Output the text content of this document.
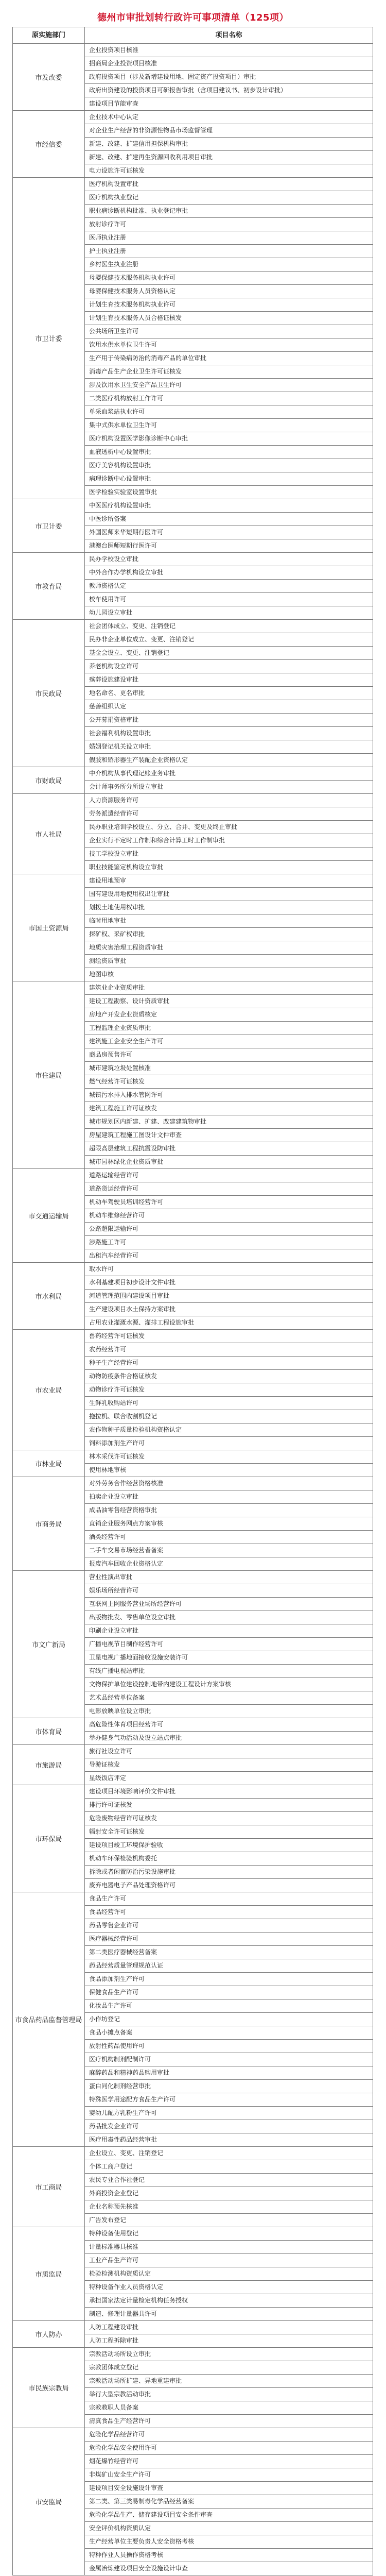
德州市审批划转行政许可事项清单（125项）
原实施部门	项目名称
市发改委	企业投资项目核准
	招商局企业投资项目核准
	政府投资项目（涉及新增建设用地、固定资产投资项目）审批
	政府出资建设的投资项目可研报告审批（含项目建议书、初步设计审批）
	建设项目节能审查
市经信委	企业技术中心认定
	对企业生产经营的非资源性物品市场监督管理
	新建、改建、扩建信用担保机构审批
	新建、改建、扩建再生资源回收利用项目审批
	电力设施许可证核发
市卫计委	医疗机构设置审批
	医疗机构执业登记
	职业病诊断机构批准、执业登记审批
	放射诊疗许可
	医师执业注册
	护士执业注册
	乡村医生执业注册
	母婴保健技术服务机构执业许可
	母婴保健技术服务人员资格认定
	计划生育技术服务机构执业许可
	计划生育技术服务人员合格证核发
	公共场所卫生许可
	饮用水供水单位卫生许可
	生产用于传染病防治的消毒产品的单位审批
	消毒产品生产企业卫生许可证核发
	涉及饮用水卫生安全产品卫生许可
	二类医疗机构放射工作许可
	单采血浆站执业许可
	集中式供水单位卫生许可
	医疗机构设置医学影像诊断中心审批
	血液透析中心设置审批
	医疗美容机构设置审批
	病理诊断中心设置审批
	医学检验实验室设置审批
市卫计委	中医医疗机构设置审批
	中医诊所备案
	外国医师来华短期行医许可
	港澳台医师短期行医许可
市教育局	民办学校设立审批
	中外合作办学机构设立审批
	教师资格认定
	校车使用许可
	幼儿园设立审批
市民政局	社会团体成立、变更、注销登记
	民办非企业单位成立、变更、注销登记
	基金会设立、变更、注销登记
	养老机构设立许可
	殡葬设施建设审批
	地名命名、更名审批
	慈善组织认定
	公开募捐资格审批
	社会福利机构设置审批
	婚姻登记机关设立审批
	假肢和矫形器生产装配企业资格认定
市财政局	中介机构从事代理记账业务审批
	会计师事务所分所设立审批
市人社局	人力资源服务许可
	劳务派遣经营许可
	民办职业培训学校设立、分立、合并、变更及终止审批
	企业实行不定时工作制和综合计算工时工作制审批
	技工学校设立审批
	职业技能鉴定机构设立审批
市国土资源局	建设用地预审
	国有建设用地使用权出让审批
	划拨土地使用权审批
	临时用地审批
	探矿权、采矿权审批
	地质灾害治理工程资质审批
	测绘资质审批
	地图审核
市住建局	建筑业企业资质审批
	建设工程勘察、设计资质审批
	房地产开发企业资质核定
	工程监理企业资质审批
	建筑施工企业安全生产许可
	商品房预售许可
	城市建筑垃圾处置核准
	燃气经营许可证核发
	城镇污水排入排水管网许可
	建筑工程施工许可证核发
	城市规划区内新建、扩建、改建建筑物审批
	房屋建筑工程施工图设计文件审查
	超限高层建筑工程抗震设防审批
	城市园林绿化企业资质审批
市交通运输局	道路运输经营许可
	道路货运经营许可
	机动车驾驶员培训经营许可
	机动车维修经营许可
	公路超限运输许可
	涉路施工许可
	出租汽车经营许可
市水利局	取水许可
	水利基建项目初步设计文件审批
	河道管理范围内建设项目审批
	生产建设项目水土保持方案审批
	占用农业灌溉水源、灌排工程设施审批
市农业局	兽药经营许可证核发
	农药经营许可
	种子生产经营许可
	动物防疫条件合格证核发
	动物诊疗许可证核发
	生鲜乳收购站许可
	拖拉机、联合收割机登记
	农作物种子质量检验机构资格认定
	饲料添加剂生产许可
市林业局	林木采伐许可证核发
	使用林地审核
市商务局	对外劳务合作经营资格核准
	拍卖企业设立审批
	成品油零售经营资格审批
	直销企业服务网点方案审核
	酒类经营许可
	二手车交易市场经营者备案
	报废汽车回收企业资格认定
市文广新局	营业性演出审批
	娱乐场所经营许可
	互联网上网服务营业场所经营许可
	出版物批发、零售单位设立审批
	印刷企业设立审批
	广播电视节目制作经营许可
	卫星电视广播地面接收设施安装许可
	有线广播电视站审批
	文物保护单位建设控制地带内建设工程设计方案审核
	艺术品经营单位备案
	电影放映单位设立审批
市体育局	高危险性体育项目经营许可
	举办健身气功活动及设立站点审批
市旅游局	旅行社设立许可
	导游证核发
	星级饭店评定
市环保局	建设项目环境影响评价文件审批
	排污许可证核发
	危险废物经营许可证核发
	辐射安全许可证核发
	建设项目竣工环境保护验收
	机动车环保检验机构委托
	拆除或者闲置防治污染设施审批
	废弃电器电子产品处理资格许可
市食品药品监督管理局	食品生产许可
	食品经营许可
	药品零售企业许可
	医疗器械经营许可
	第二类医疗器械经营备案
	药品经营质量管理规范认证
	食品添加剂生产许可
	保健食品生产许可
	化妆品生产许可
	小作坊登记
	食品小摊点备案
	放射性药品使用许可
	医疗机构制剂配制许可
	麻醉药品和精神药品购用审批
	蛋白同化制剂经营审批
	特殊医学用途配方食品生产许可
	婴幼儿配方乳粉生产许可
	药品批发企业许可
	医疗用毒性药品经营审批
市工商局	企业设立、变更、注销登记
	个体工商户登记
	农民专业合作社登记
	外商投资企业登记
	企业名称预先核准
	广告发布登记
市质监局	特种设备使用登记
	计量标准器具核准
	工业产品生产许可
	检验检测机构资质认定
	特种设备作业人员资格认定
	承担国家法定计量检定机构任务授权
	制造、修理计量器具许可
市人防办	人防工程建设审批
	人防工程拆除审批
市民族宗教局	宗教活动场所设立审批
	宗教团体成立登记
	宗教活动场所扩建、异地重建审批
	举行大型宗教活动审批
	宗教教职人员备案
	清真食品生产经营许可
市安监局	危险化学品经营许可
	危险化学品安全使用许可
	烟花爆竹经营许可
	非煤矿山安全生产许可
	建设项目安全设施设计审查
	第二类、第三类易制毒化学品经营备案
	危险化学品生产、储存建设项目安全条件审查
	安全评价机构资质认定
	生产经营单位主要负责人安全资格考核
	特种作业人员操作资格考核
	金属冶炼建设项目安全设施设计审查
